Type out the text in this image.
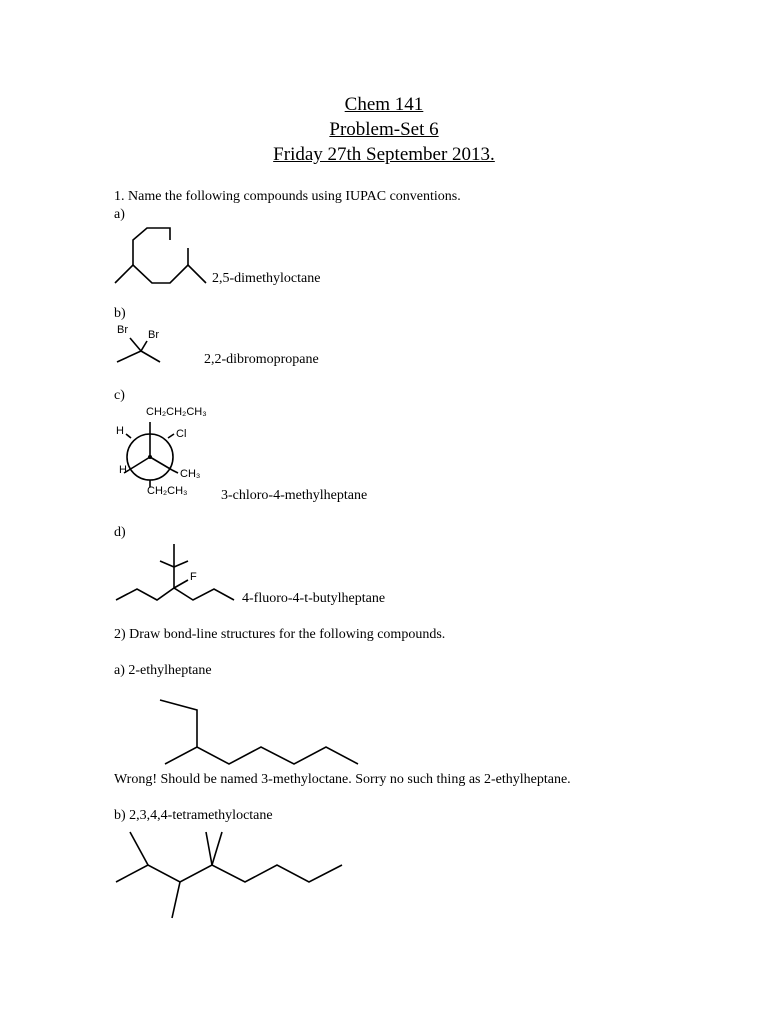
Chem 141
Problem-Set 6
Friday 27th September 2013.
1. Name the following compounds using IUPAC conventions.
a)
2,5-dimethyloctane
b)
Br Br
2,2-dibromopropane
c)
CH₂CH₂CH₃
H	Cl
H	CH₃
CH₂CH₃ 3-chloro-4-methylheptane
d)
F
4-fluoro-4-t-butylheptane
2) Draw bond-line structures for the following compounds.
a) 2-ethylheptane
Wrong! Should be named 3-methyloctane. Sorry no such thing as 2-ethylheptane.
b) 2,3,4,4-tetramethyloctane
